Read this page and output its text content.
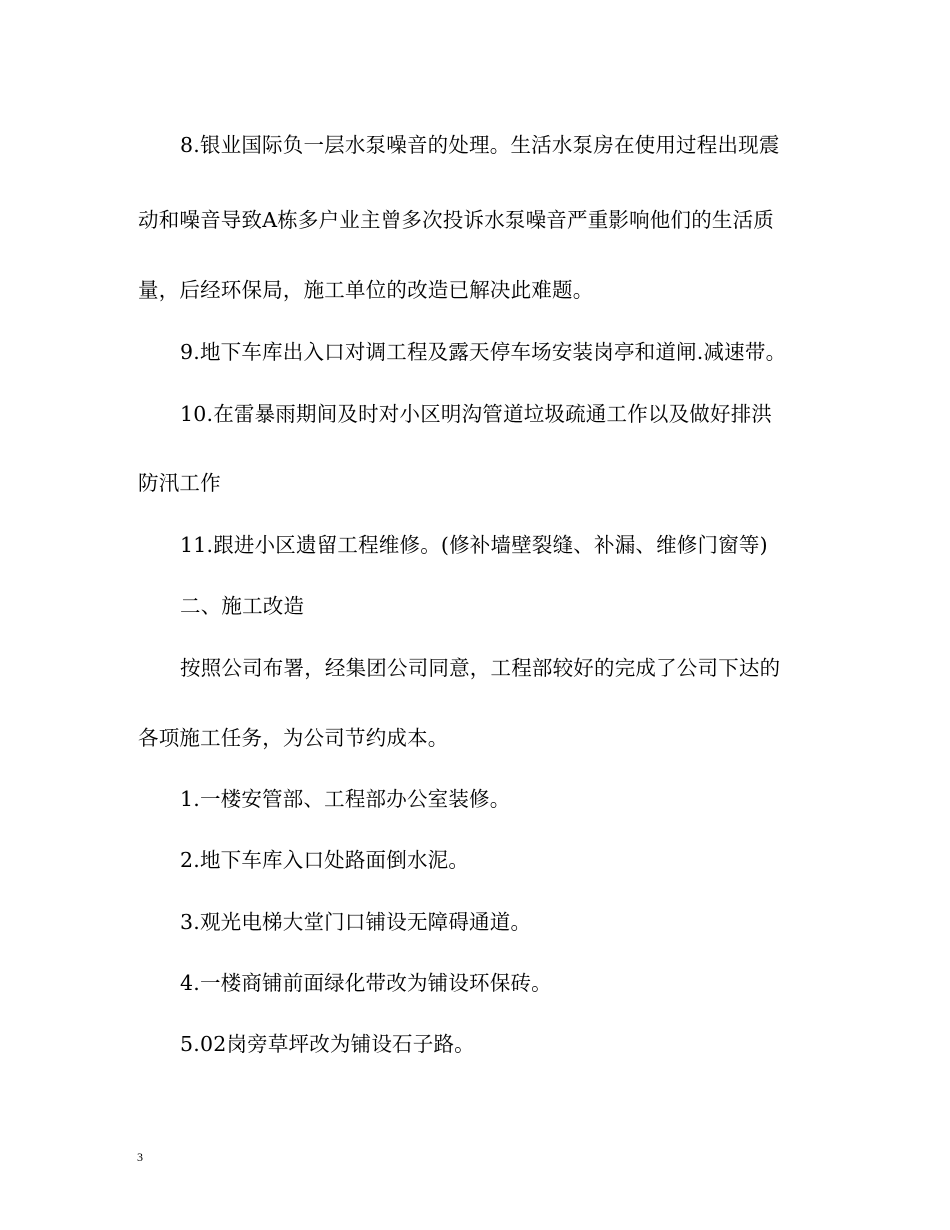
8.银业国际负一层水泵噪音的处理。生活水泵房在使用过程出现震

动和噪音导致A栋多户业主曾多次投诉水泵噪音严重影响他们的生活质

量，后经环保局，施工单位的改造已解决此难题。

9.地下车库出入口对调工程及露天停车场安装岗亭和道闸.减速带。

10.在雷暴雨期间及时对小区明沟管道垃圾疏通工作以及做好排洪

防汛工作

11.跟进小区遗留工程维修。(修补墙壁裂缝、补漏、维修门窗等)

二、施工改造

按照公司布署，经集团公司同意，工程部较好的完成了公司下达的

各项施工任务，为公司节约成本。

1.一楼安管部、工程部办公室装修。

2.地下车库入口处路面倒水泥。

3.观光电梯大堂门口铺设无障碍通道。

4.一楼商铺前面绿化带改为铺设环保砖。

5.02岗旁草坪改为铺设石子路。

3
